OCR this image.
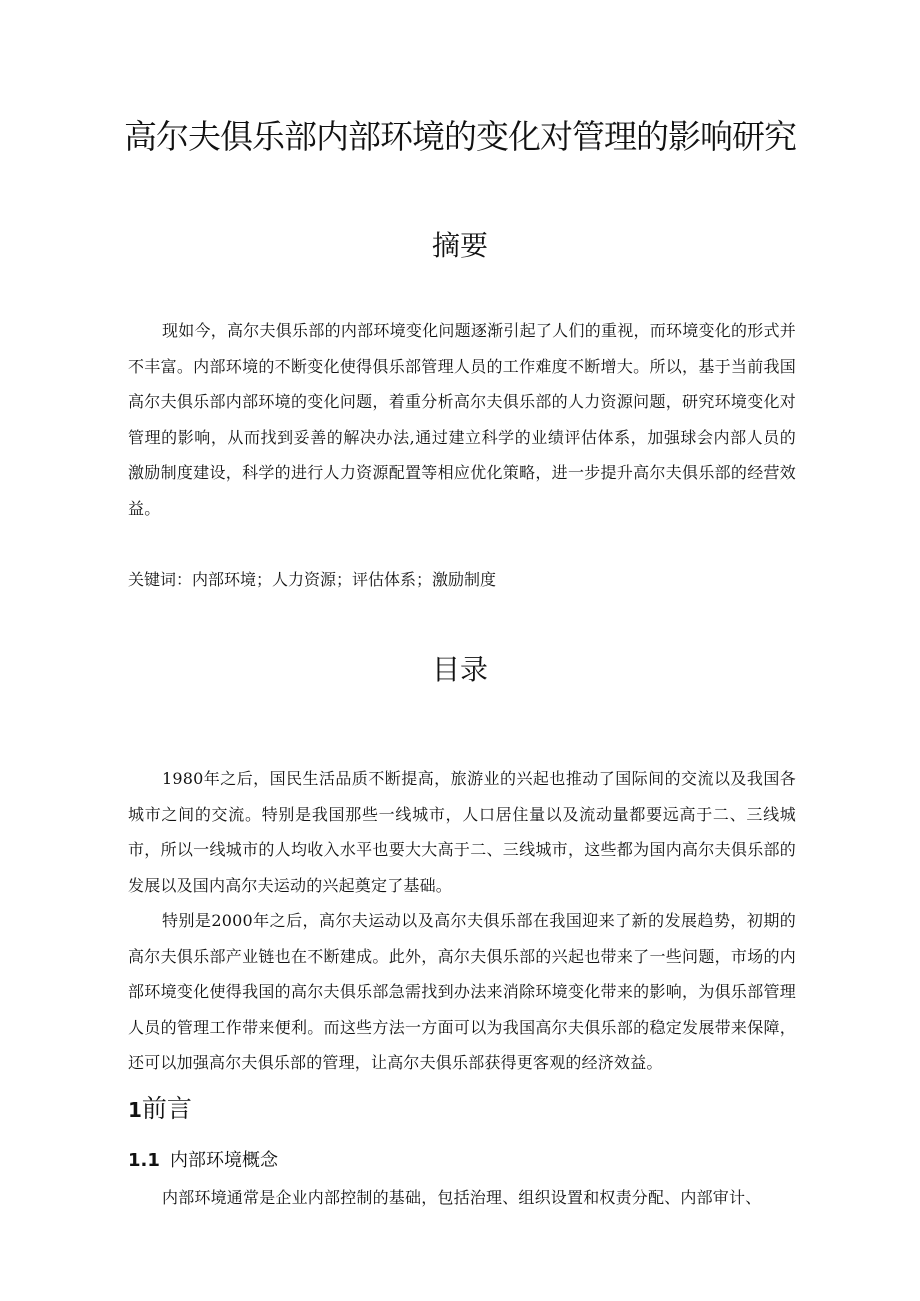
高尔夫俱乐部内部环境的变化对管理的影响研究
摘要

现如今，高尔夫俱乐部的内部环境变化问题逐渐引起了人们的重视，而环境变化的形式并不丰富。内部环境的不断变化使得俱乐部管理人员的工作难度不断增大。所以，基于当前我国高尔夫俱乐部内部环境的变化问题，着重分析高尔夫俱乐部的人力资源问题，研究环境变化对管理的影响，从而找到妥善的解决办法,通过建立科学的业绩评估体系，加强球会内部人员的激励制度建设，科学的进行人力资源配置等相应优化策略，进一步提升高尔夫俱乐部的经营效益。

关键词：内部环境；人力资源；评估体系；激励制度

目录

1980年之后，国民生活品质不断提高，旅游业的兴起也推动了国际间的交流以及我国各城市之间的交流。特别是我国那些一线城市，人口居住量以及流动量都要远高于二、三线城市，所以一线城市的人均收入水平也要大大高于二、三线城市，这些都为国内高尔夫俱乐部的发展以及国内高尔夫运动的兴起奠定了基础。

特别是2000年之后，高尔夫运动以及高尔夫俱乐部在我国迎来了新的发展趋势，初期的高尔夫俱乐部产业链也在不断建成。此外，高尔夫俱乐部的兴起也带来了一些问题，市场的内部环境变化使得我国的高尔夫俱乐部急需找到办法来消除环境变化带来的影响，为俱乐部管理人员的管理工作带来便利。而这些方法一方面可以为我国高尔夫俱乐部的稳定发展带来保障，还可以加强高尔夫俱乐部的管理，让高尔夫俱乐部获得更客观的经济效益。

1前言
1.1 内部环境概念

内部环境通常是企业内部控制的基础，包括治理、组织设置和权责分配、内部审计、
